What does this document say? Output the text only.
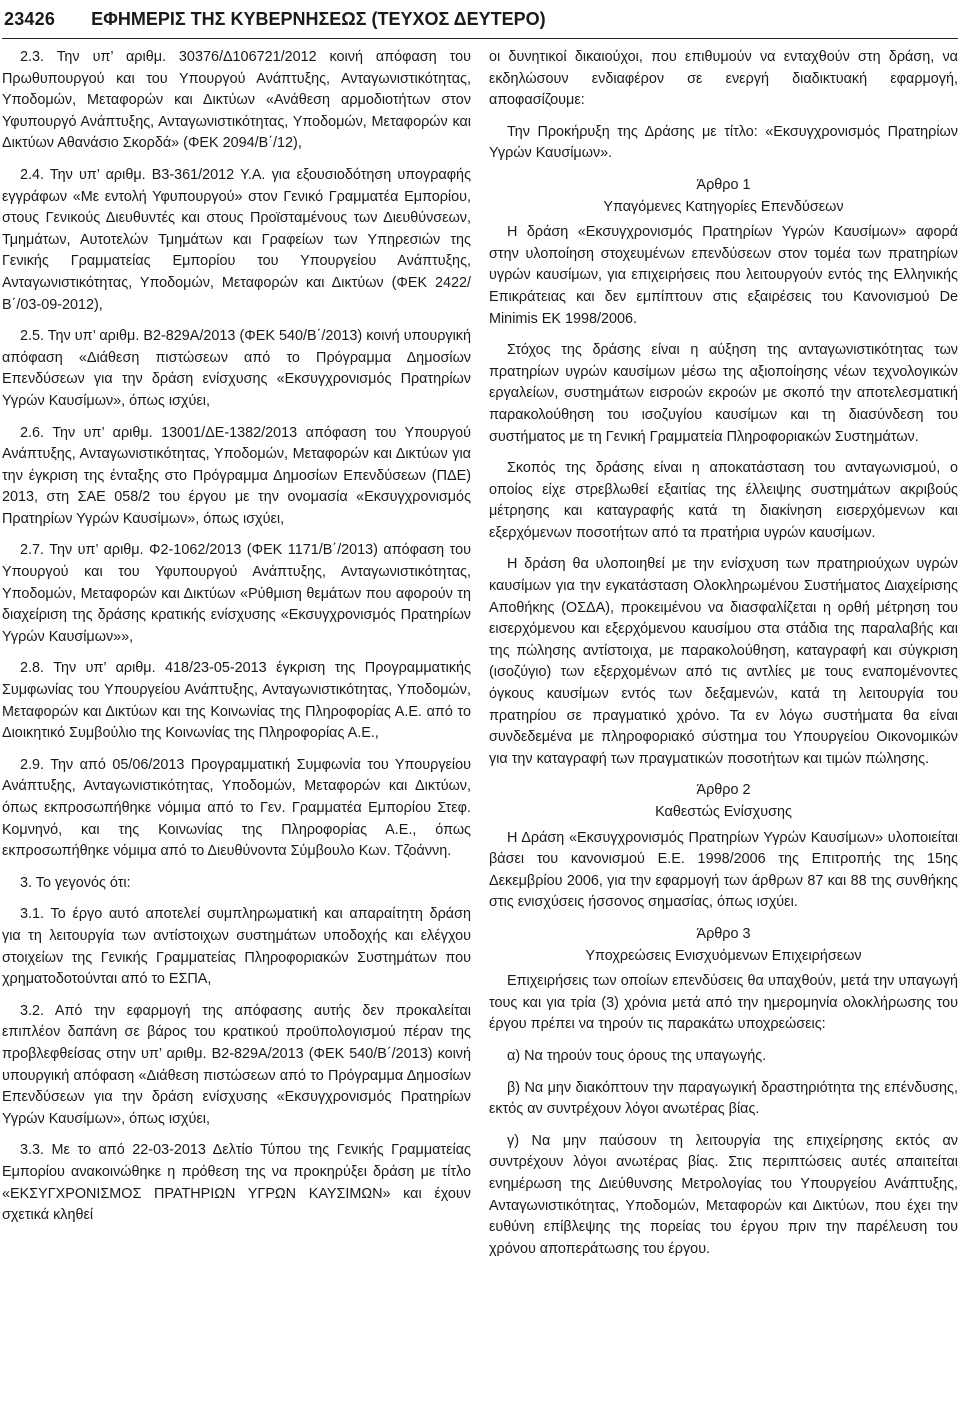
23426 ΕΦΗΜΕΡΙΣ ΤΗΣ ΚΥΒΕΡΝΗΣΕΩΣ (ΤΕΥΧΟΣ ΔΕΥΤΕΡΟ)

2.3. Την υπ’ αριθμ. 30376/Δ106721/2012 κοινή απόφαση του Πρωθυπουργού και του Υπουργού Ανάπτυξης, Ανταγωνιστικότητας, Υποδομών, Μεταφορών και Δικτύων «Ανάθεση αρμοδιοτήτων στον Υφυπουργό Ανάπτυξης, Ανταγωνιστικότητας, Υποδομών, Μεταφορών και Δικτύων Αθανάσιο Σκορδά» (ΦΕΚ 2094/Β΄/12),

2.4. Την υπ’ αριθμ. Β3-361/2012 Υ.Α. για εξουσιοδότηση υπογραφής εγγράφων «Με εντολή Υφυπουργού» στον Γενικό Γραμματέα Εμπορίου, στους Γενικούς Διευθυντές και στους Προϊσταμένους των Διευθύνσεων, Τμημάτων, Αυτοτελών Τμημάτων και Γραφείων των Υπηρεσιών της Γενικής Γραμματείας Εμπορίου του Υπουργείου Ανάπτυξης, Ανταγωνιστικότητας, Υποδομών, Μεταφορών και Δικτύων (ΦΕΚ 2422/Β΄/03-09-2012),

2.5. Την υπ’ αριθμ. Β2-829Α/2013 (ΦΕΚ 540/Β΄/2013) κοινή υπουργική απόφαση «Διάθεση πιστώσεων από το Πρόγραμμα Δημοσίων Επενδύσεων για την δράση ενίσχυσης «Εκσυγχρονισμός Πρατηρίων Υγρών Καυσίμων», όπως ισχύει,

2.6. Την υπ’ αριθμ. 13001/ΔΕ-1382/2013 απόφαση του Υπουργού Ανάπτυξης, Ανταγωνιστικότητας, Υποδομών, Μεταφορών και Δικτύων για την έγκριση της ένταξης στο Πρόγραμμα Δημοσίων Επενδύσεων (ΠΔΕ) 2013, στη ΣΑΕ 058/2 του έργου με την ονομασία «Εκσυγχρονισμός Πρατηρίων Υγρών Καυσίμων», όπως ισχύει,

2.7. Την υπ’ αριθμ. Φ2-1062/2013 (ΦΕΚ 1171/Β΄/2013) απόφαση του Υπουργού και του Υφυπουργού Ανάπτυξης, Ανταγωνιστικότητας, Υποδομών, Μεταφορών και Δικτύων «Ρύθμιση θεμάτων που αφορούν τη διαχείριση της δράσης κρατικής ενίσχυσης «Εκσυγχρονισμός Πρατηρίων Υγρών Καυσίμων»»,

2.8. Την υπ’ αριθμ. 418/23-05-2013 έγκριση της Προγραμματικής Συμφωνίας του Υπουργείου Ανάπτυξης, Ανταγωνιστικότητας, Υποδομών, Μεταφορών και Δικτύων και της Κοινωνίας της Πληροφορίας Α.Ε. από το Διοικητικό Συμβούλιο της Κοινωνίας της Πληροφορίας Α.Ε.,

2.9. Την από 05/06/2013 Προγραμματική Συμφωνία του Υπουργείου Ανάπτυξης, Ανταγωνιστικότητας, Υποδομών, Μεταφορών και Δικτύων, όπως εκπροσωπήθηκε νόμιμα από το Γεν. Γραμματέα Εμπορίου Στεφ. Κομνηνό, και της Κοινωνίας της Πληροφορίας Α.Ε., όπως εκπροσωπήθηκε νόμιμα από το Διευθύνοντα Σύμβουλο Κων. Τζοάννη.

3. Το γεγονός ότι:

3.1. Το έργο αυτό αποτελεί συμπληρωματική και απαραίτητη δράση για τη λειτουργία των αντίστοιχων συστημάτων υποδοχής και ελέγχου στοιχείων της Γενικής Γραμματείας Πληροφοριακών Συστημάτων που χρηματοδοτούνται από το ΕΣΠΑ,

3.2. Από την εφαρμογή της απόφασης αυτής δεν προκαλείται επιπλέον δαπάνη σε βάρος του κρατικού προϋπολογισμού πέραν της προβλεφθείσας στην υπ’ αριθμ. Β2-829Α/2013 (ΦΕΚ 540/Β΄/2013) κοινή υπουργική απόφαση «Διάθεση πιστώσεων από το Πρόγραμμα Δημοσίων Επενδύσεων για την δράση ενίσχυσης «Εκσυγχρονισμός Πρατηρίων Υγρών Καυσίμων», όπως ισχύει,

3.3. Με το από 22-03-2013 Δελτίο Τύπου της Γενικής Γραμματείας Εμπορίου ανακοινώθηκε η πρόθεση της να προκηρύξει δράση με τίτλο «ΕΚΣΥΓΧΡΟΝΙΣΜΟΣ ΠΡΑΤΗΡΙΩΝ ΥΓΡΩΝ ΚΑΥΣΙΜΩΝ» και έχουν σχετικά κληθεί

οι δυνητικοί δικαιούχοι, που επιθυμούν να ενταχθούν στη δράση, να εκδηλώσουν ενδιαφέρον σε ενεργή διαδικτυακή εφαρμογή, αποφασίζουμε:

Την Προκήρυξη της Δράσης με τίτλο: «Εκσυγχρονισμός Πρατηρίων Υγρών Καυσίμων».

Άρθρο 1

Υπαγόμενες Κατηγορίες Επενδύσεων

Η δράση «Εκσυγχρονισμός Πρατηρίων Υγρών Καυσίμων» αφορά στην υλοποίηση στοχευμένων επενδύσεων στον τομέα των πρατηρίων υγρών καυσίμων, για επιχειρήσεις που λειτουργούν εντός της Ελληνικής Επικράτειας και δεν εμπίπτουν στις εξαιρέσεις του Κανονισμού De Minimis ΕΚ 1998/2006.

Στόχος της δράσης είναι η αύξηση της ανταγωνιστικότητας των πρατηρίων υγρών καυσίμων μέσω της αξιοποίησης νέων τεχνολογικών εργαλείων, συστημάτων εισροών εκροών με σκοπό την αποτελεσματική παρακολούθηση του ισοζυγίου καυσίμων και τη διασύνδεση του συστήματος με τη Γενική Γραμματεία Πληροφοριακών Συστημάτων.

Σκοπός της δράσης είναι η αποκατάσταση του ανταγωνισμού, ο οποίος είχε στρεβλωθεί εξαιτίας της έλλειψης συστημάτων ακριβούς μέτρησης και καταγραφής κατά τη διακίνηση εισερχόμενων και εξερχόμενων ποσοτήτων από τα πρατήρια υγρών καυσίμων.

Η δράση θα υλοποιηθεί με την ενίσχυση των πρατηριούχων υγρών καυσίμων για την εγκατάσταση Ολοκληρωμένου Συστήματος Διαχείρισης Αποθήκης (ΟΣΔΑ), προκειμένου να διασφαλίζεται η ορθή μέτρηση του εισερχόμενου και εξερχόμενου καυσίμου στα στάδια της παραλαβής και της πώλησης αντίστοιχα, με παρακολούθηση, καταγραφή και σύγκριση (ισοζύγιο) των εξερχομένων από τις αντλίες με τους εναπομένοντες όγκους καυσίμων εντός των δεξαμενών, κατά τη λειτουργία του πρατηρίου σε πραγματικό χρόνο. Τα εν λόγω συστήματα θα είναι συνδεδεμένα με πληροφοριακό σύστημα του Υπουργείου Οικονομικών για την καταγραφή των πραγματικών ποσοτήτων και τιμών πώλησης.

Άρθρο 2

Καθεστώς Ενίσχυσης

Η Δράση «Εκσυγχρονισμός Πρατηρίων Υγρών Καυσίμων» υλοποιείται βάσει του κανονισμού Ε.Ε. 1998/2006 της Επιτροπής της 15ης Δεκεμβρίου 2006, για την εφαρμογή των άρθρων 87 και 88 της συνθήκης στις ενισχύσεις ήσσονος σημασίας, όπως ισχύει.

Άρθρο 3

Υποχρεώσεις Ενισχυόμενων Επιχειρήσεων

Επιχειρήσεις των οποίων επενδύσεις θα υπαχθούν, μετά την υπαγωγή τους και για τρία (3) χρόνια μετά από την ημερομηνία ολοκλήρωσης του έργου πρέπει να τηρούν τις παρακάτω υποχρεώσεις:

α) Να τηρούν τους όρους της υπαγωγής.

β) Να μην διακόπτουν την παραγωγική δραστηριότητα της επένδυσης, εκτός αν συντρέχουν λόγοι ανωτέρας βίας.

γ) Να μην παύσουν τη λειτουργία της επιχείρησης εκτός αν συντρέχουν λόγοι ανωτέρας βίας. Στις περιπτώσεις αυτές απαιτείται ενημέρωση της Διεύθυνσης Μετρολογίας του Υπουργείου Ανάπτυξης, Ανταγωνιστικότητας, Υποδομών, Μεταφορών και Δικτύων, που έχει την ευθύνη επίβλεψης της πορείας του έργου πριν την παρέλευση του χρόνου αποπεράτωσης του έργου.
